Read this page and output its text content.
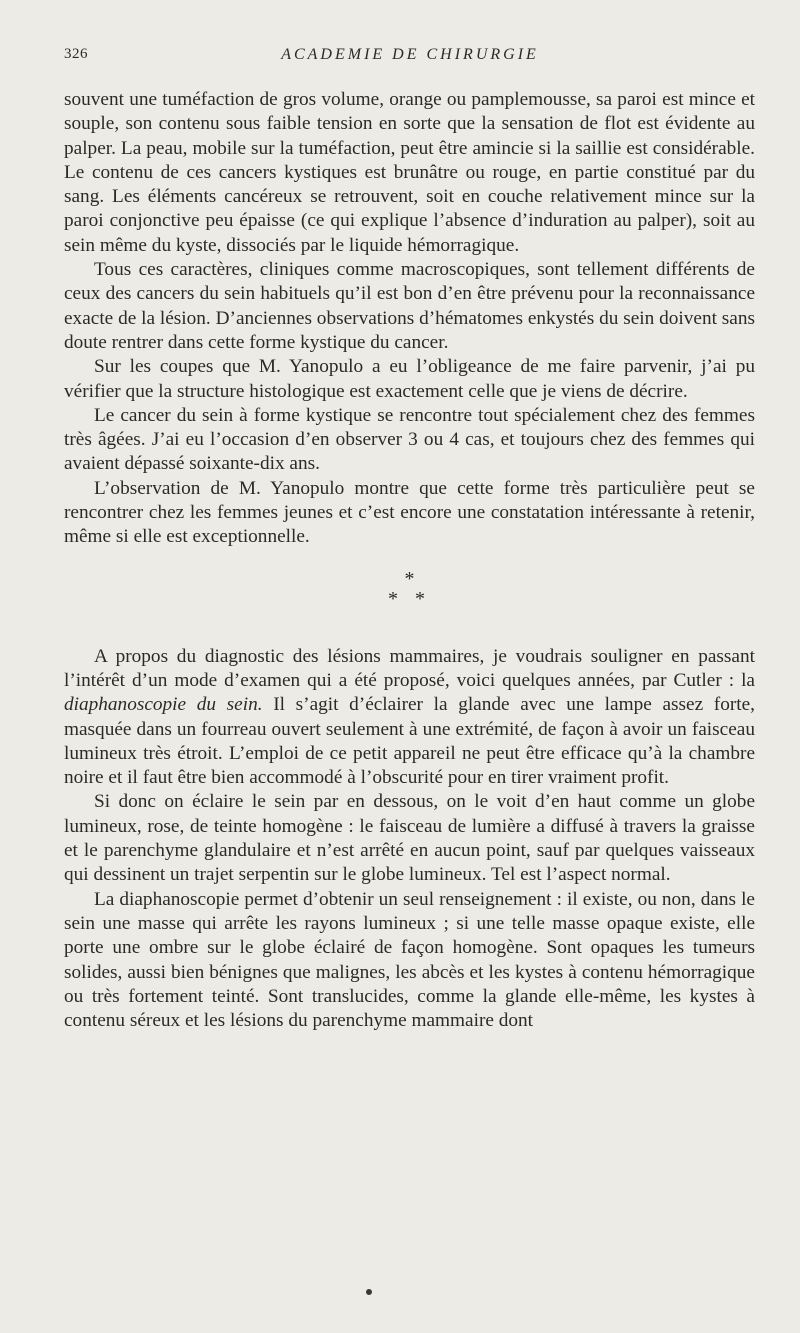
326	ACADEMIE DE CHIRURGIE

souvent une tuméfaction de gros volume, orange ou pamplemousse, sa paroi est mince et souple, son contenu sous faible tension en sorte que la sensation de flot est évidente au palper. La peau, mobile sur la tuméfaction, peut être amincie si la saillie est considérable. Le contenu de ces cancers kystiques est brunâtre ou rouge, en partie constitué par du sang. Les éléments cancéreux se retrouvent, soit en couche relativement mince sur la paroi conjonctive peu épaisse (ce qui explique l’absence d’induration au palper), soit au sein même du kyste, dissociés par le liquide hémorragique.

Tous ces caractères, cliniques comme macroscopiques, sont tellement différents de ceux des cancers du sein habituels qu’il est bon d’en être prévenu pour la reconnaissance exacte de la lésion. D’anciennes observations d’hématomes enkystés du sein doivent sans doute rentrer dans cette forme kystique du cancer.

Sur les coupes que M. Yanopulo a eu l’obligeance de me faire parvenir, j’ai pu vérifier que la structure histologique est exactement celle que je viens de décrire.

Le cancer du sein à forme kystique se rencontre tout spécialement chez des femmes très âgées. J’ai eu l’occasion d’en observer 3 ou 4 cas, et toujours chez des femmes qui avaient dépassé soixante-dix ans.

L’observation de M. Yanopulo montre que cette forme très particulière peut se rencontrer chez les femmes jeunes et c’est encore une constatation intéressante à retenir, même si elle est exceptionnelle.

*
* *

A propos du diagnostic des lésions mammaires, je voudrais souligner en passant l’intérêt d’un mode d’examen qui a été proposé, voici quelques années, par Cutler : la diaphanoscopie du sein. Il s’agit d’éclairer la glande avec une lampe assez forte, masquée dans un fourreau ouvert seulement à une extrémité, de façon à avoir un faisceau lumineux très étroit. L’emploi de ce petit appareil ne peut être efficace qu’à la chambre noire et il faut être bien accommodé à l’obscurité pour en tirer vraiment profit.

Si donc on éclaire le sein par en dessous, on le voit d’en haut comme un globe lumineux, rose, de teinte homogène : le faisceau de lumière a diffusé à travers la graisse et le parenchyme glandulaire et n’est arrêté en aucun point, sauf par quelques vaisseaux qui dessinent un trajet serpentin sur le globe lumineux. Tel est l’aspect normal.

La diaphanoscopie permet d’obtenir un seul renseignement : il existe, ou non, dans le sein une masse qui arrête les rayons lumineux ; si une telle masse opaque existe, elle porte une ombre sur le globe éclairé de façon homogène. Sont opaques les tumeurs solides, aussi bien bénignes que malignes, les abcès et les kystes à contenu hémorragique ou très fortement teinté. Sont translucides, comme la glande elle-même, les kystes à contenu séreux et les lésions du parenchyme mammaire dont
